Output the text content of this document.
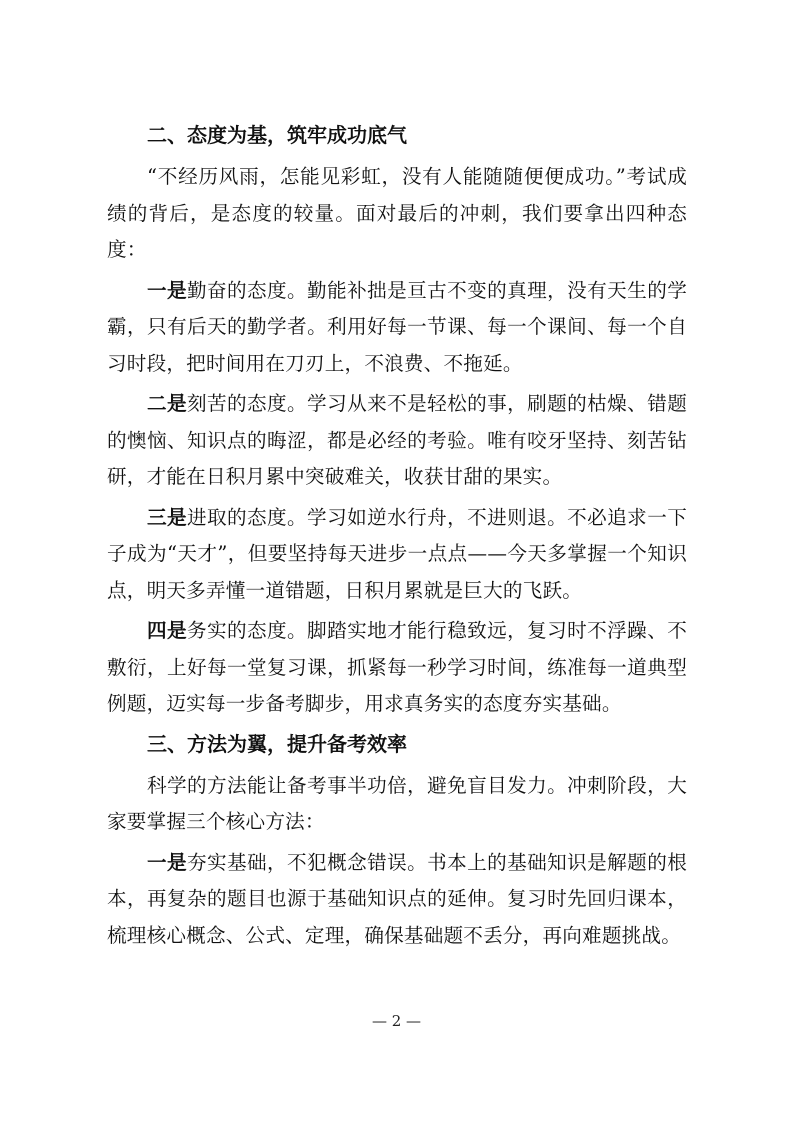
二、态度为基，筑牢成功底气

“不经历风雨，怎能见彩虹，没有人能随随便便成功。”考试成绩的背后，是态度的较量。面对最后的冲刺，我们要拿出四种态度：

一是勤奋的态度。勤能补拙是亘古不变的真理，没有天生的学霸，只有后天的勤学者。利用好每一节课、每一个课间、每一个自习时段，把时间用在刀刃上，不浪费、不拖延。

二是刻苦的态度。学习从来不是轻松的事，刷题的枯燥、错题的懊恼、知识点的晦涩，都是必经的考验。唯有咬牙坚持、刻苦钻研，才能在日积月累中突破难关，收获甘甜的果实。

三是进取的态度。学习如逆水行舟，不进则退。不必追求一下子成为“天才”，但要坚持每天进步一点点——今天多掌握一个知识点，明天多弄懂一道错题，日积月累就是巨大的飞跃。

四是务实的态度。脚踏实地才能行稳致远，复习时不浮躁、不敷衍，上好每一堂复习课，抓紧每一秒学习时间，练准每一道典型例题，迈实每一步备考脚步，用求真务实的态度夯实基础。

三、方法为翼，提升备考效率

科学的方法能让备考事半功倍，避免盲目发力。冲刺阶段，大家要掌握三个核心方法：

一是夯实基础，不犯概念错误。书本上的基础知识是解题的根本，再复杂的题目也源于基础知识点的延伸。复习时先回归课本，梳理核心概念、公式、定理，确保基础题不丢分，再向难题挑战。

— 2 —
